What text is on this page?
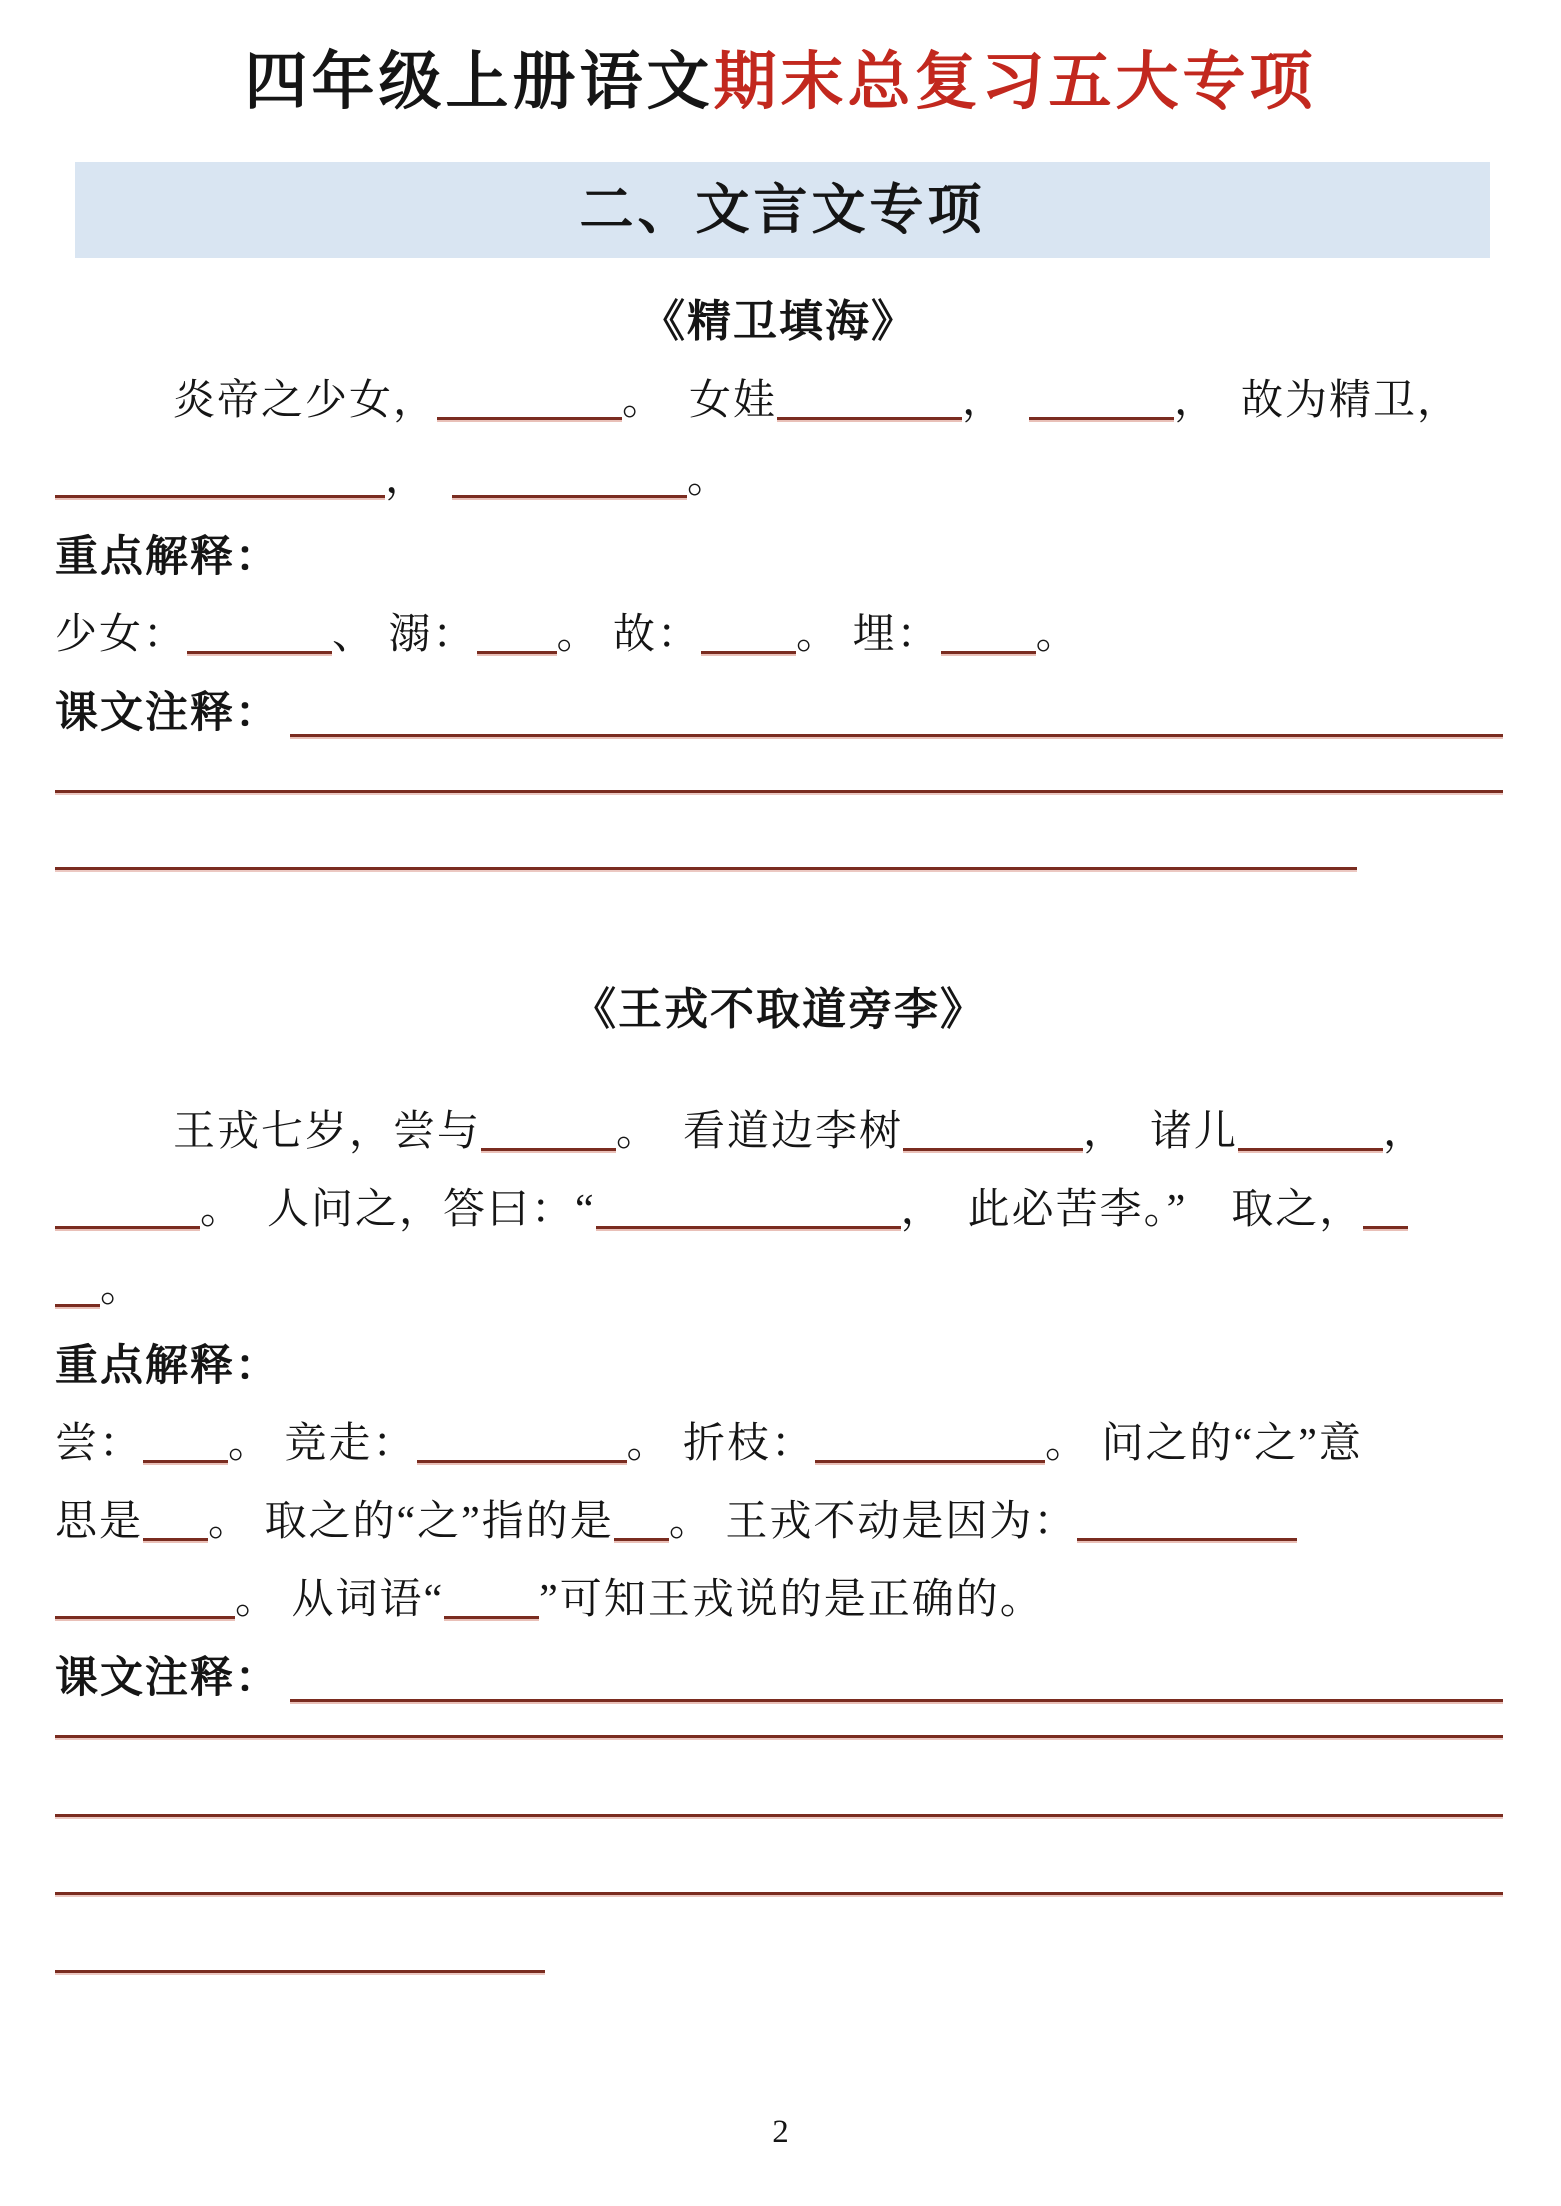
四年级上册语文期末总复习五大专项
二、文言文专项
《精卫填海》
炎帝之少女，	。　女娃	，　	，　故为精卫，
，　	。
重点解释：
少女：	、 溺： 。 故： 。 埋： 。
课文注释：
《王戎不取道旁李》
王戎七岁，尝与	。　看道边李树	，　诸儿	，
。　人问之，答曰：“	，　此必苦李。”　取之，
。
重点解释：
尝： 。 竞走：	。 折枝：	。 问之的“之”意
思是 。 取之的“之”指的是 。 王戎不动是因为：
。 从词语“ ”可知王戎说的是正确的。
课文注释：
2
